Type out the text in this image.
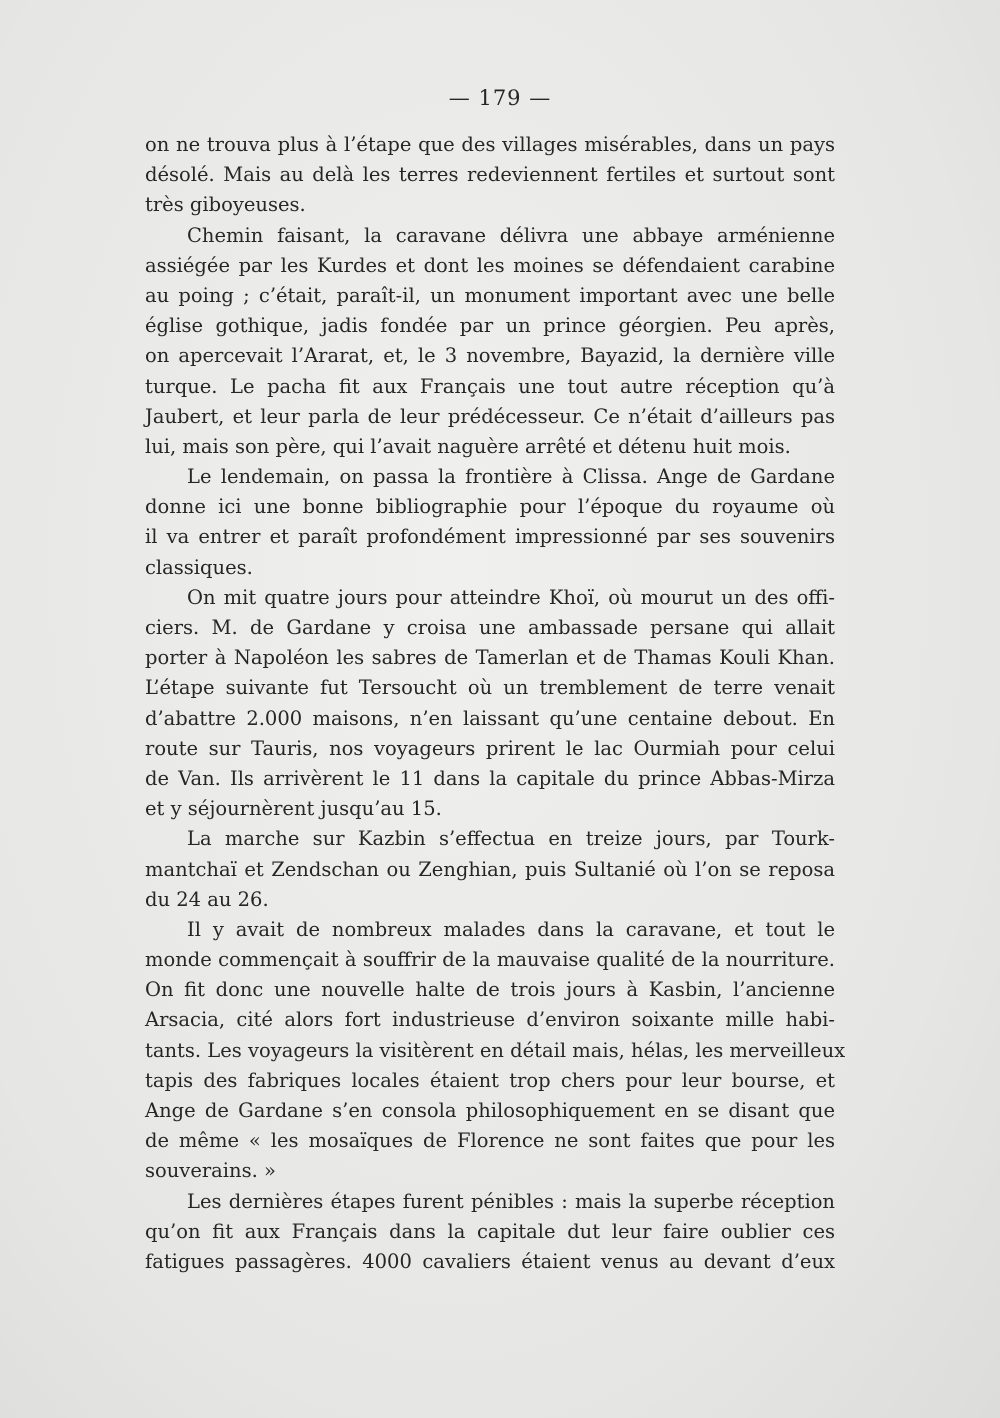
— 179 —
on ne trouva plus à l’étape que des villages misérables, dans un pays
désolé. Mais au delà les terres redeviennent fertiles et surtout sont
très giboyeuses.
Chemin faisant, la caravane délivra une abbaye arménienne
assiégée par les Kurdes et dont les moines se défendaient carabine
au poing ; c’était, paraît-il, un monument important avec une belle
église gothique, jadis fondée par un prince géorgien. Peu après,
on apercevait l’Ararat, et, le 3 novembre, Bayazid, la dernière ville
turque. Le pacha fit aux Français une tout autre réception qu’à
Jaubert, et leur parla de leur prédécesseur. Ce n’était d’ailleurs pas
lui, mais son père, qui l’avait naguère arrêté et détenu huit mois.
Le lendemain, on passa la frontière à Clissa. Ange de Gardane
donne ici une bonne bibliographie pour l’époque du royaume où
il va entrer et paraît profondément impressionné par ses souvenirs
classiques.
On mit quatre jours pour atteindre Khoï, où mourut un des offi-
ciers. M. de Gardane y croisa une ambassade persane qui allait
porter à Napoléon les sabres de Tamerlan et de Thamas Kouli Khan.
L’étape suivante fut Tersoucht où un tremblement de terre venait
d’abattre 2.000 maisons, n’en laissant qu’une centaine debout. En
route sur Tauris, nos voyageurs prirent le lac Ourmiah pour celui
de Van. Ils arrivèrent le 11 dans la capitale du prince Abbas-Mirza
et y séjournèrent jusqu’au 15.
La marche sur Kazbin s’effectua en treize jours, par Tourk-
mantchaï et Zendschan ou Zenghian, puis Sultanié où l’on se reposa
du 24 au 26.
Il y avait de nombreux malades dans la caravane, et tout le
monde commençait à souffrir de la mauvaise qualité de la nourriture.
On fit donc une nouvelle halte de trois jours à Kasbin, l’ancienne
Arsacia, cité alors fort industrieuse d’environ soixante mille habi-
tants. Les voyageurs la visitèrent en détail mais, hélas, les merveilleux
tapis des fabriques locales étaient trop chers pour leur bourse, et
Ange de Gardane s’en consola philosophiquement en se disant que
de même « les mosaïques de Florence ne sont faites que pour les
souverains. »
Les dernières étapes furent pénibles : mais la superbe réception
qu’on fit aux Français dans la capitale dut leur faire oublier ces
fatigues passagères. 4000 cavaliers étaient venus au devant d’eux
